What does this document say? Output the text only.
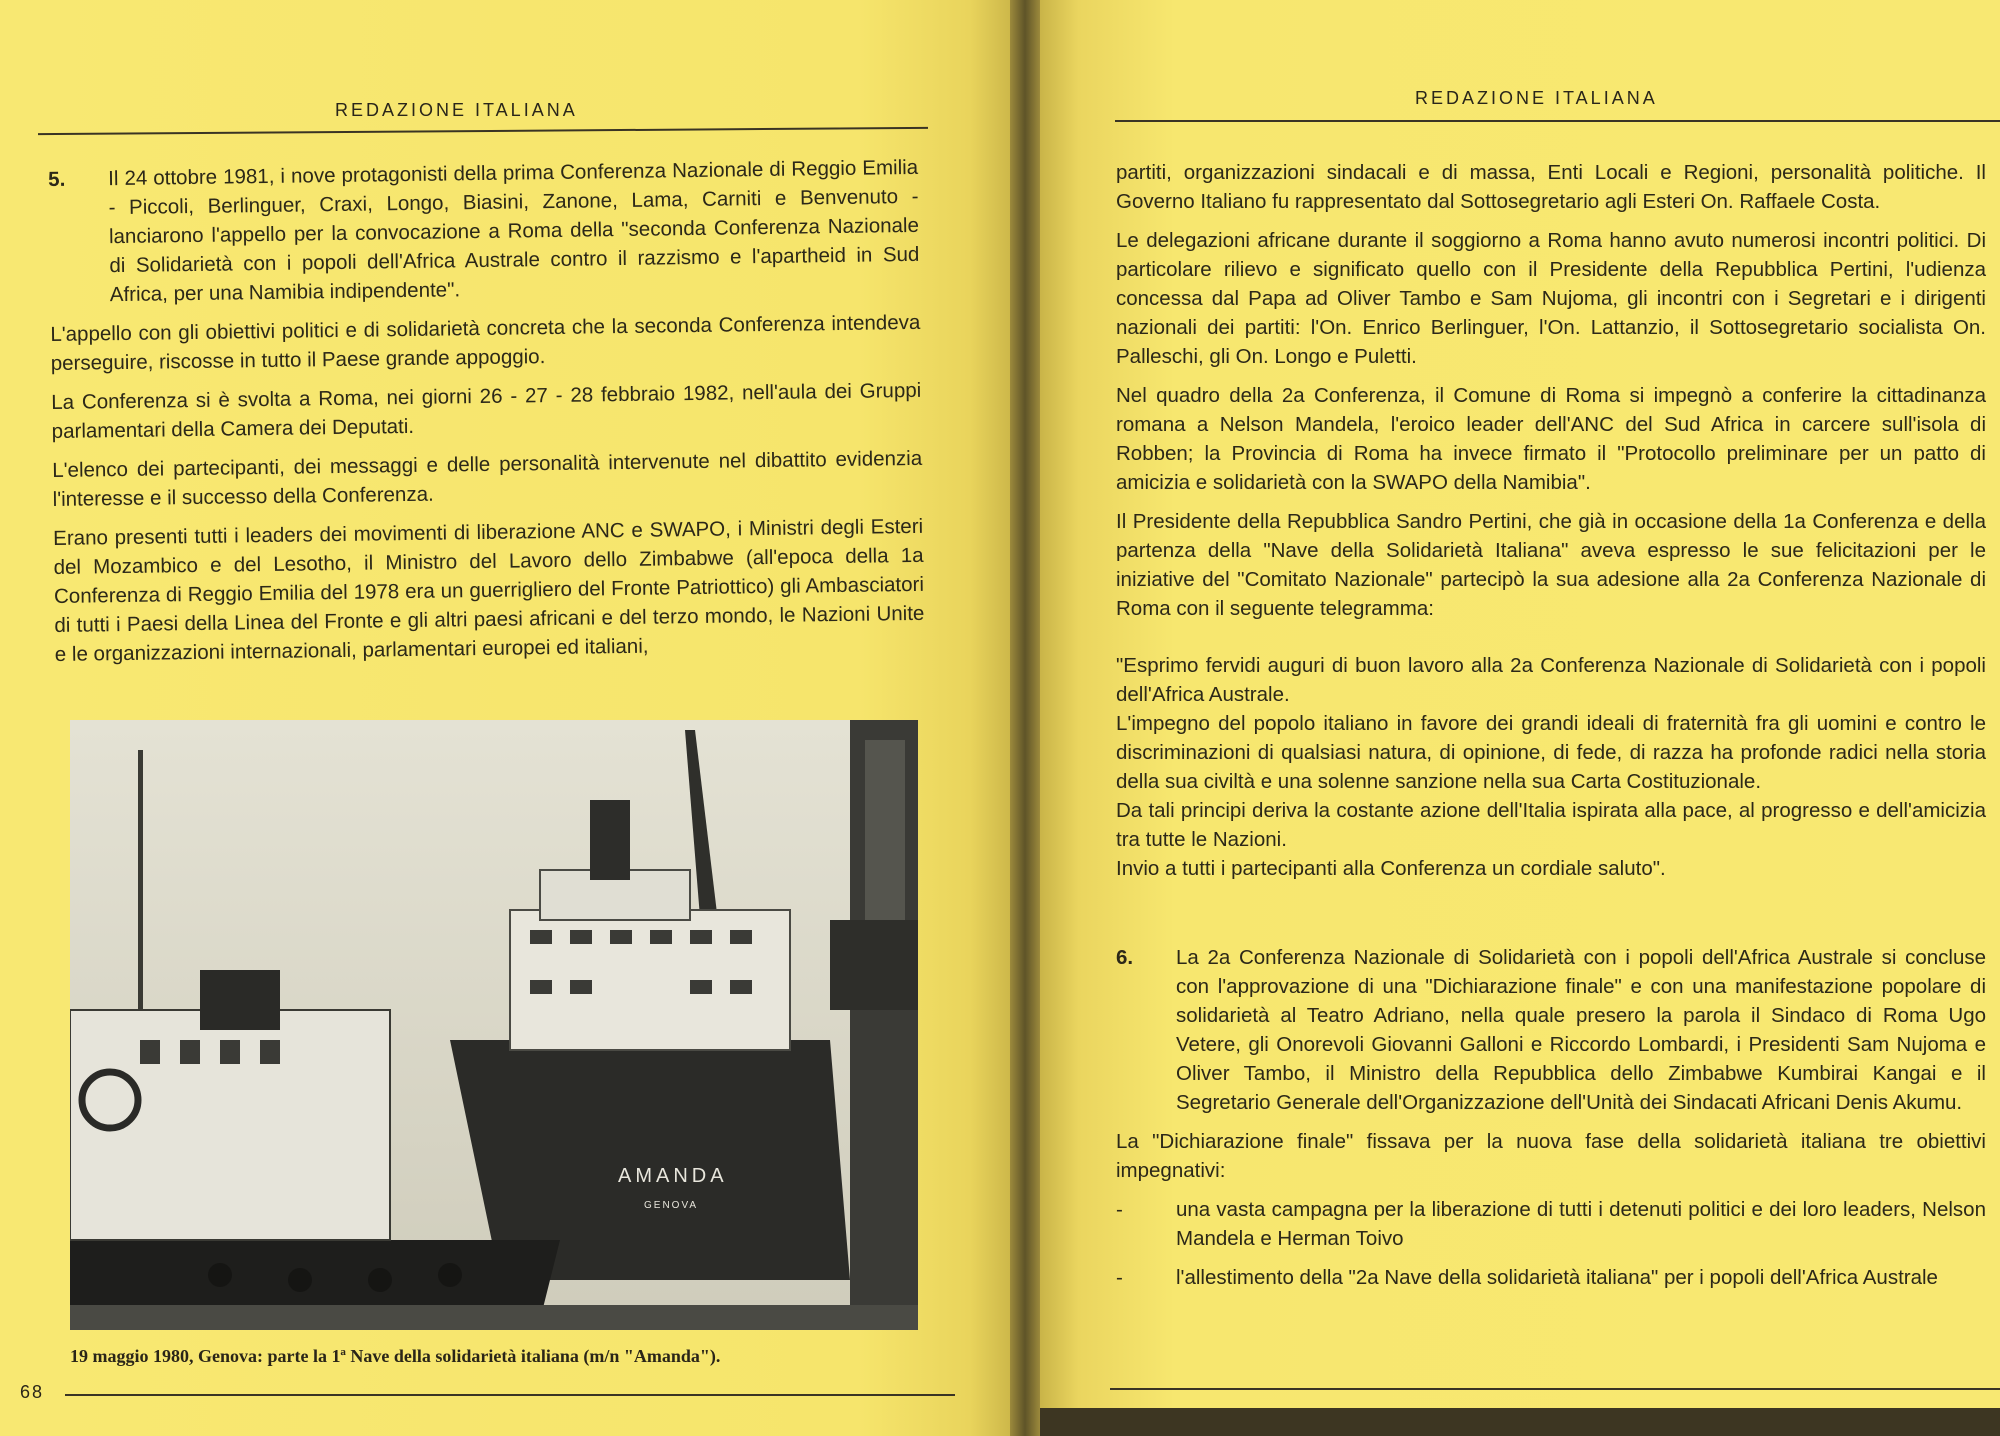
REDAZIONE ITALIANA

5. Il 24 ottobre 1981, i nove protagonisti della prima Conferenza Nazionale di Reggio Emilia - Piccoli, Berlinguer, Craxi, Longo, Biasini, Zanone, Lama, Carniti e Benvenuto - lanciarono l'appello per la convocazione a Roma della "seconda Conferenza Nazionale di Solidarietà con i popoli dell'Africa Australe contro il razzismo e l'apartheid in Sud Africa, per una Namibia indipendente".

L'appello con gli obiettivi politici e di solidarietà concreta che la seconda Conferenza intendeva perseguire, riscosse in tutto il Paese grande appoggio.

La Conferenza si è svolta a Roma, nei giorni 26 - 27 - 28 febbraio 1982, nell'aula dei Gruppi parlamentari della Camera dei Deputati.

L'elenco dei partecipanti, dei messaggi e delle personalità intervenute nel dibattito evidenzia l'interesse e il successo della Conferenza.

Erano presenti tutti i leaders dei movimenti di liberazione ANC e SWAPO, i Ministri degli Esteri del Mozambico e del Lesotho, il Ministro del Lavoro dello Zimbabwe (all'epoca della 1a Conferenza di Reggio Emilia del 1978 era un guerrigliero del Fronte Patriottico) gli Ambasciatori di tutti i Paesi della Linea del Fronte e gli altri paesi africani e del terzo mondo, le Nazioni Unite e le organizzazioni internazionali, parlamentari europei ed italiani,

AMANDA
GENOVA
19 maggio 1980, Genova: parte la 1ª Nave della solidarietà italiana (m/n "Amanda").
68
REDAZIONE ITALIANA

partiti, organizzazioni sindacali e di massa, Enti Locali e Regioni, personalità politiche. Il Governo Italiano fu rappresentato dal Sottosegretario agli Esteri On. Raffaele Costa.

Le delegazioni africane durante il soggiorno a Roma hanno avuto numerosi incontri politici. Di particolare rilievo e significato quello con il Presidente della Repubblica Pertini, l'udienza concessa dal Papa ad Oliver Tambo e Sam Nujoma, gli incontri con i Segretari e i dirigenti nazionali dei partiti: l'On. Enrico Berlinguer, l'On. Lattanzio, il Sottosegretario socialista On. Palleschi, gli On. Longo e Puletti.

Nel quadro della 2a Conferenza, il Comune di Roma si impegnò a conferire la cittadinanza romana a Nelson Mandela, l'eroico leader dell'ANC del Sud Africa in carcere sull'isola di Robben; la Provincia di Roma ha invece firmato il "Protocollo preliminare per un patto di amicizia e solidarietà con la SWAPO della Namibia".

Il Presidente della Repubblica Sandro Pertini, che già in occasione della 1a Conferenza e della partenza della "Nave della Solidarietà Italiana" aveva espresso le sue felicitazioni per le iniziative del "Comitato Nazionale" partecipò la sua adesione alla 2a Conferenza Nazionale di Roma con il seguente telegramma:

"Esprimo fervidi auguri di buon lavoro alla 2a Conferenza Nazionale di Solidarietà con i popoli dell'Africa Australe.

L'impegno del popolo italiano in favore dei grandi ideali di fraternità fra gli uomini e contro le discriminazioni di qualsiasi natura, di opinione, di fede, di razza ha profonde radici nella storia della sua civiltà e una solenne sanzione nella sua Carta Costituzionale.

Da tali principi deriva la costante azione dell'Italia ispirata alla pace, al progresso e dell'amicizia tra tutte le Nazioni.

Invio a tutti i partecipanti alla Conferenza un cordiale saluto".

6. La 2a Conferenza Nazionale di Solidarietà con i popoli dell'Africa Australe si concluse con l'approvazione di una "Dichiarazione finale" e con una manifestazione popolare di solidarietà al Teatro Adriano, nella quale presero la parola il Sindaco di Roma Ugo Vetere, gli Onorevoli Giovanni Galloni e Riccordo Lombardi, i Presidenti Sam Nujoma e Oliver Tambo, il Ministro della Repubblica dello Zimbabwe Kumbirai Kangai e il Segretario Generale dell'Organizzazione dell'Unità dei Sindacati Africani Denis Akumu.

La "Dichiarazione finale" fissava per la nuova fase della solidarietà italiana tre obiettivi impegnativi:

-	una vasta campagna per la liberazione di tutti i detenuti politici e dei loro leaders, Nelson Mandela e Herman Toivo
-	l'allestimento della "2a Nave della solidarietà italiana" per i popoli dell'Africa Australe
